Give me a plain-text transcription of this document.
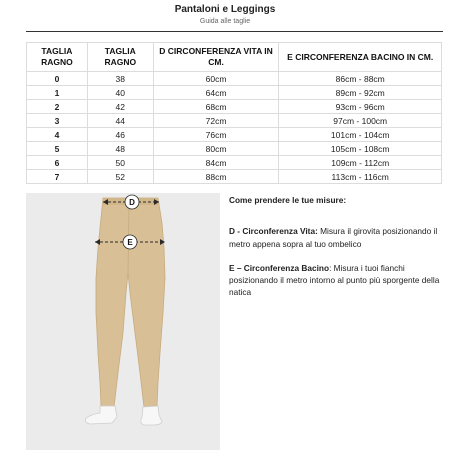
Pantaloni e Leggings
Guida alle taglie
TAGLIA RAGNO	TAGLIA RAGNO	D CIRCONFERENZA VITA IN CM.	E CIRCONFERENZA BACINO IN CM.
0	38	60cm	86cm - 88cm
1	40	64cm	89cm - 92cm
2	42	68cm	93cm - 96cm
3	44	72cm	97cm - 100cm
4	46	76cm	101cm - 104cm
5	48	80cm	105cm - 108cm
6	50	84cm	109cm - 112cm
7	52	88cm	113cm - 116cm
D
E

Come prendere le tue misure:

D - Circonferenza Vita: Misura il girovita posizionando il metro appena sopra al tuo ombelico

E – Circonferenza Bacino: Misura i tuoi fianchi posizionando il metro intorno al punto più sporgente della natica
